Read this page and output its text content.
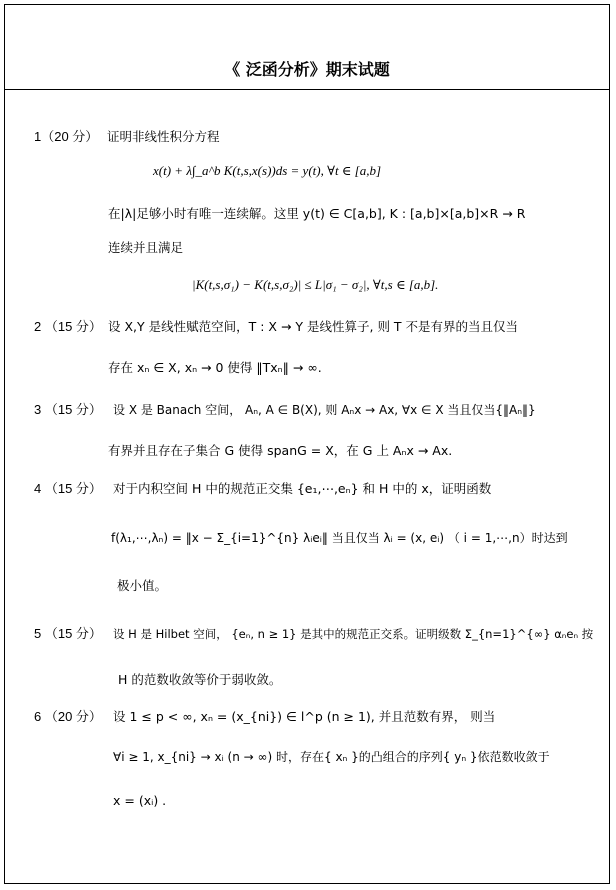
《 泛函分析》期末试题
1（20 分） 证明非线性积分方程
x(t) + λ∫_a^b K(t,s,x(s))ds = y(t), ∀t ∈ [a,b]
在|λ|足够小时有唯一连续解。这里 y(t) ∈ C[a,b], K : [a,b]×[a,b]×R → R
连续并且满足
|K(t,s,σ₁) − K(t,s,σ₂)| ≤ L|σ₁ − σ₂|, ∀t,s ∈ [a,b].
2 （15 分） 设 X,Y 是线性赋范空间，T : X → Y 是线性算子, 则 T 不是有界的当且仅当
存在 xₙ ∈ X, xₙ → 0 使得 ‖Txₙ‖ → ∞.
3 （15 分） 设 X 是 Banach 空间， Aₙ, A ∈ B(X), 则 Aₙx → Ax, ∀x ∈ X 当且仅当{‖Aₙ‖}
有界并且存在子集合 G 使得 spanG = X，在 G 上 Aₙx → Ax.
4 （15 分） 对于内积空间 H 中的规范正交集 {e₁,⋯,eₙ} 和 H 中的 x，证明函数
f(λ₁,⋯,λₙ) = ‖x − Σ_{i=1}^{n} λᵢeᵢ‖ 当且仅当 λᵢ = (x, eᵢ) （ i = 1,⋯,n）时达到
极小值。
5 （15 分） 设 H 是 Hilbet 空间， {eₙ, n ≥ 1} 是其中的规范正交系。证明级数 Σ_{n=1}^{∞} αₙeₙ 按
H 的范数收敛等价于弱收敛。
6 （20 分） 设 1 ≤ p < ∞, xₙ = (x_{ni}) ∈ l^p (n ≥ 1), 并且范数有界， 则当
∀i ≥ 1, x_{ni} → xᵢ (n → ∞) 时，存在{ xₙ }的凸组合的序列{ yₙ }依范数收敛于
x = (xᵢ) .
